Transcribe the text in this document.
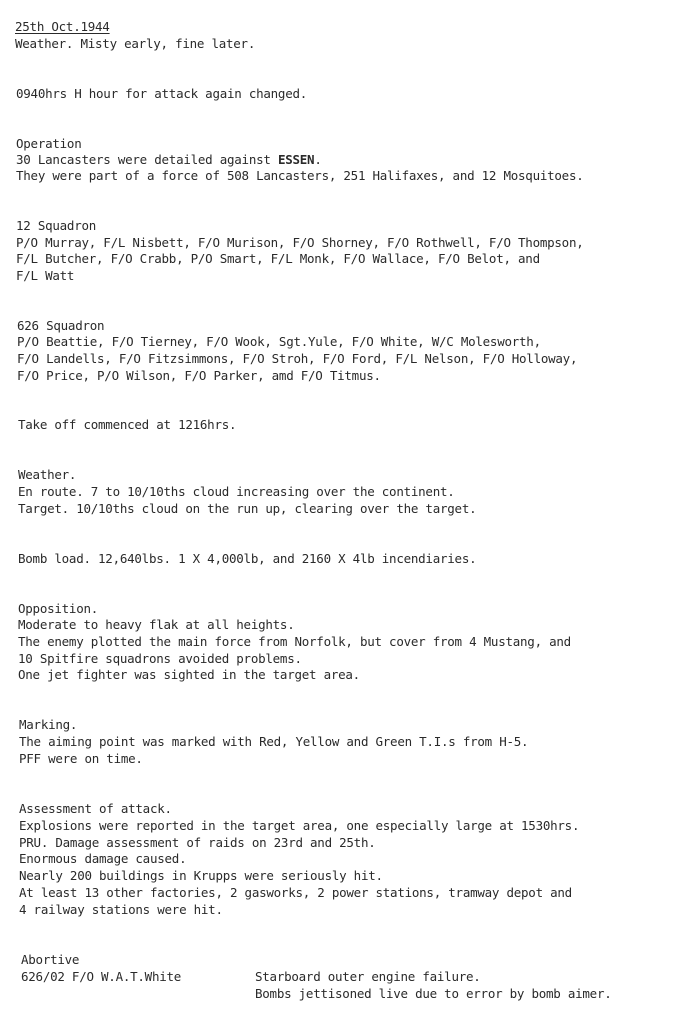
25th Oct.1944
Weather. Misty early, fine later.
0940hrs H hour for attack again changed.
Operation
30 Lancasters were detailed against ESSEN.
They were part of a force of 508 Lancasters, 251 Halifaxes, and 12 Mosquitoes.
12 Squadron
P/O Murray, F/L Nisbett, F/O Murison, F/O Shorney, F/O Rothwell, F/O Thompson,
F/L Butcher, F/O Crabb, P/O Smart, F/L Monk, F/O Wallace, F/O Belot, and
F/L Watt
626 Squadron
P/O Beattie, F/O Tierney, F/O Wook, Sgt.Yule, F/O White, W/C Molesworth,
F/O Landells, F/O Fitzsimmons, F/O Stroh, F/O Ford, F/L Nelson, F/O Holloway,
F/O Price, P/O Wilson, F/O Parker, amd F/O Titmus.
Take off commenced at 1216hrs.
Weather.
En route. 7 to 10/10ths cloud increasing over the continent.
Target. 10/10ths cloud on the run up, clearing over the target.
Bomb load. 12,640lbs. 1 X 4,000lb, and 2160 X 4lb incendiaries.
Opposition.
Moderate to heavy flak at all heights.
The enemy plotted the main force from Norfolk, but cover from 4 Mustang, and
10 Spitfire squadrons avoided problems.
One jet fighter was sighted in the target area.
Marking.
The aiming point was marked with Red, Yellow and Green T.I.s from H-5.
PFF were on time.
Assessment of attack.
Explosions were reported in the target area, one especially large at 1530hrs.
PRU. Damage assessment of raids on 23rd and 25th.
Enormous damage caused.
Nearly 200 buildings in Krupps were seriously hit.
At least 13 other factories, 2 gasworks, 2 power stations, tramway depot and
4 railway stations were hit.
Abortive
626/02 F/O W.A.T.White	Starboard outer engine failure.
Bombs jettisoned live due to error by bomb aimer.
